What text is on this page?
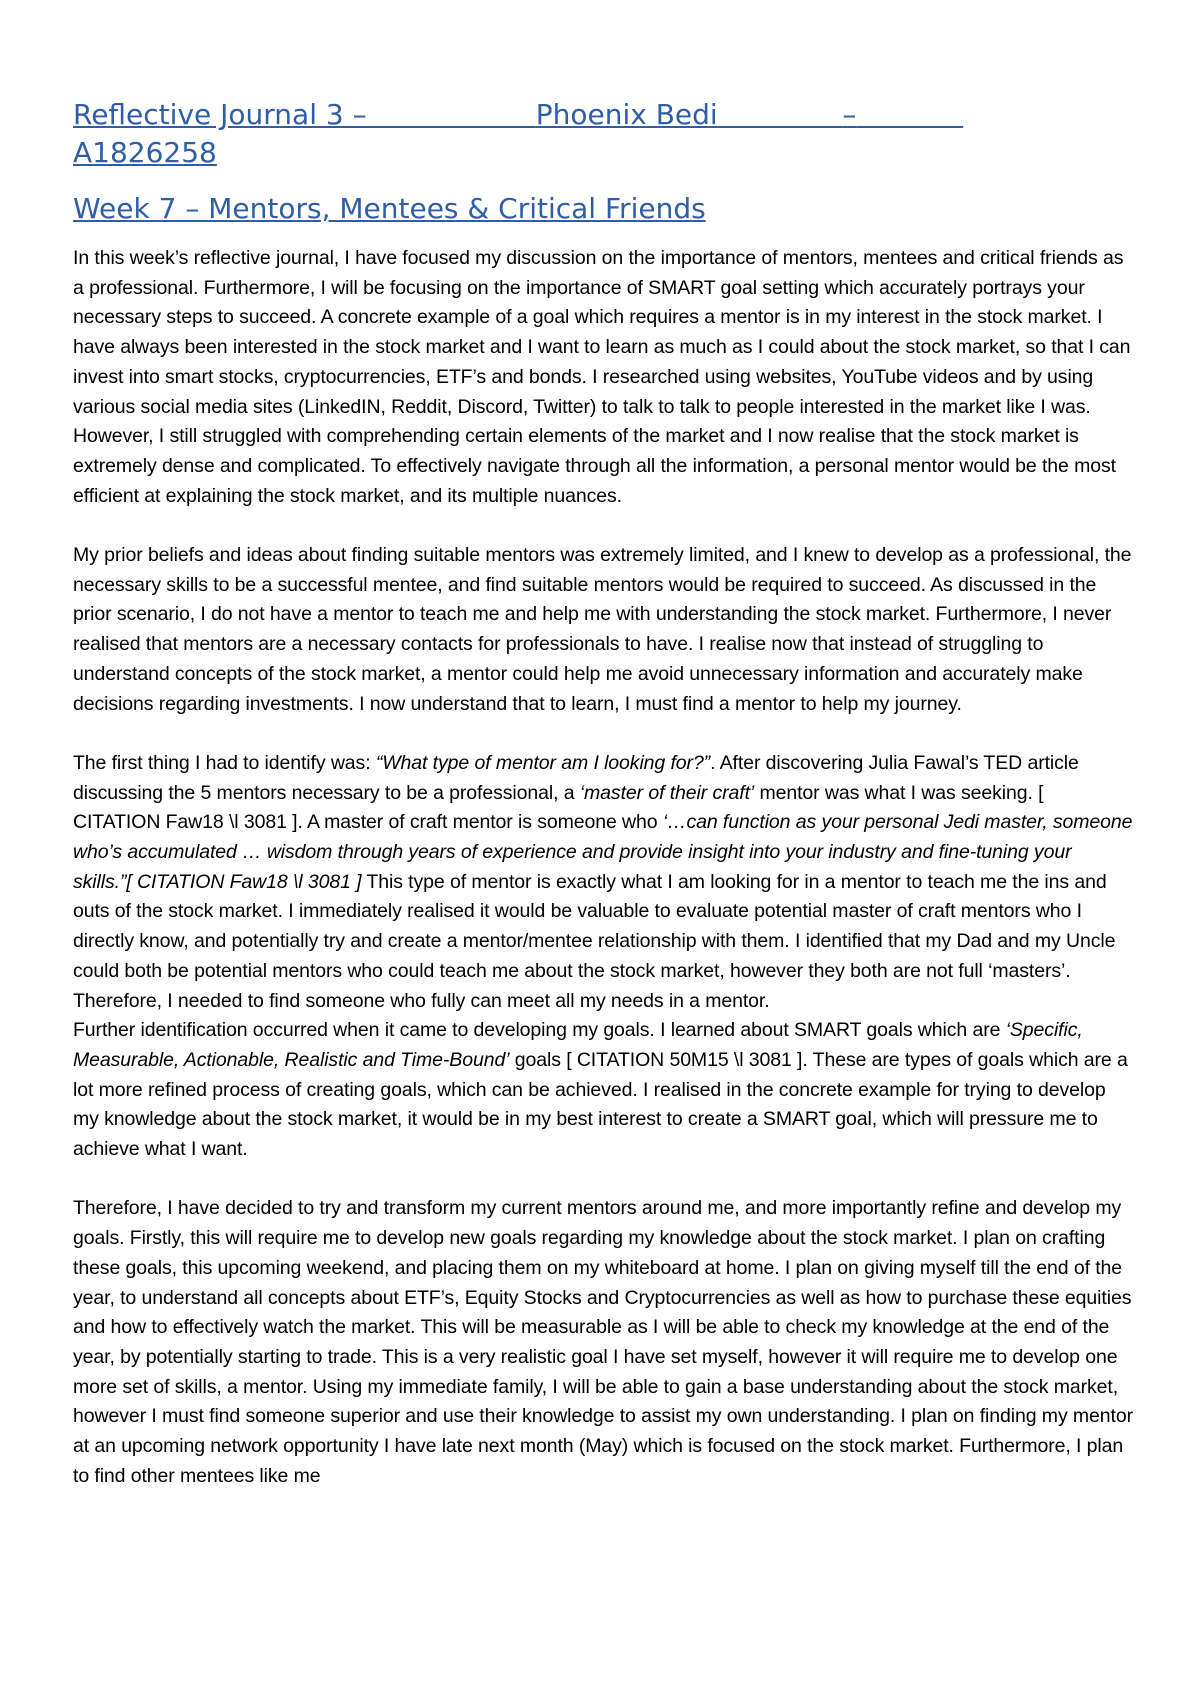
Reflective Journal 3 –	Phoenix Bedi	–
A1826258
Week 7 – Mentors, Mentees & Critical Friends

In this week’s reflective journal, I have focused my discussion on the importance of mentors, mentees and critical friends as a professional. Furthermore, I will be focusing on the importance of SMART goal setting which accurately portrays your necessary steps to succeed. A concrete example of a goal which requires a mentor is in my interest in the stock market. I have always been interested in the stock market and I want to learn as much as I could about the stock market, so that I can invest into smart stocks, cryptocurrencies, ETF’s and bonds. I researched using websites, YouTube videos and by using various social media sites (LinkedIN, Reddit, Discord, Twitter) to talk to talk to people interested in the market like I was. However, I still struggled with comprehending certain elements of the market and I now realise that the stock market is extremely dense and complicated. To effectively navigate through all the information, a personal mentor would be the most efficient at explaining the stock market, and its multiple nuances.

My prior beliefs and ideas about finding suitable mentors was extremely limited, and I knew to develop as a professional, the necessary skills to be a successful mentee, and find suitable mentors would be required to succeed. As discussed in the prior scenario, I do not have a mentor to teach me and help me with understanding the stock market. Furthermore, I never realised that mentors are a necessary contacts for professionals to have. I realise now that instead of struggling to understand concepts of the stock market, a mentor could help me avoid unnecessary information and accurately make decisions regarding investments. I now understand that to learn, I must find a mentor to help my journey.

The first thing I had to identify was: “What type of mentor am I looking for?”. After discovering Julia Fawal’s TED article discussing the 5 mentors necessary to be a professional, a ‘master of their craft’ mentor was what I was seeking. [ CITATION Faw18 \l 3081 ]. A master of craft mentor is someone who ‘…can function as your personal Jedi master, someone who’s accumulated … wisdom through years of experience and provide insight into your industry and fine-tuning your skills.”[ CITATION Faw18 \l 3081 ] This type of mentor is exactly what I am looking for in a mentor to teach me the ins and outs of the stock market. I immediately realised it would be valuable to evaluate potential master of craft mentors who I directly know, and potentially try and create a mentor/mentee relationship with them. I identified that my Dad and my Uncle could both be potential mentors who could teach me about the stock market, however they both are not full ‘masters’. Therefore, I needed to find someone who fully can meet all my needs in a mentor.

Further identification occurred when it came to developing my goals. I learned about SMART goals which are ‘Specific, Measurable, Actionable, Realistic and Time-Bound’ goals [ CITATION 50M15 \l 3081 ]. These are types of goals which are a lot more refined process of creating goals, which can be achieved. I realised in the concrete example for trying to develop my knowledge about the stock market, it would be in my best interest to create a SMART goal, which will pressure me to achieve what I want.

Therefore, I have decided to try and transform my current mentors around me, and more importantly refine and develop my goals. Firstly, this will require me to develop new goals regarding my knowledge about the stock market. I plan on crafting these goals, this upcoming weekend, and placing them on my whiteboard at home. I plan on giving myself till the end of the year, to understand all concepts about ETF’s, Equity Stocks and Cryptocurrencies as well as how to purchase these equities and how to effectively watch the market. This will be measurable as I will be able to check my knowledge at the end of the year, by potentially starting to trade. This is a very realistic goal I have set myself, however it will require me to develop one more set of skills, a mentor. Using my immediate family, I will be able to gain a base understanding about the stock market, however I must find someone superior and use their knowledge to assist my own understanding. I plan on finding my mentor at an upcoming network opportunity I have late next month (May) which is focused on the stock market. Furthermore, I plan to find other mentees like me
